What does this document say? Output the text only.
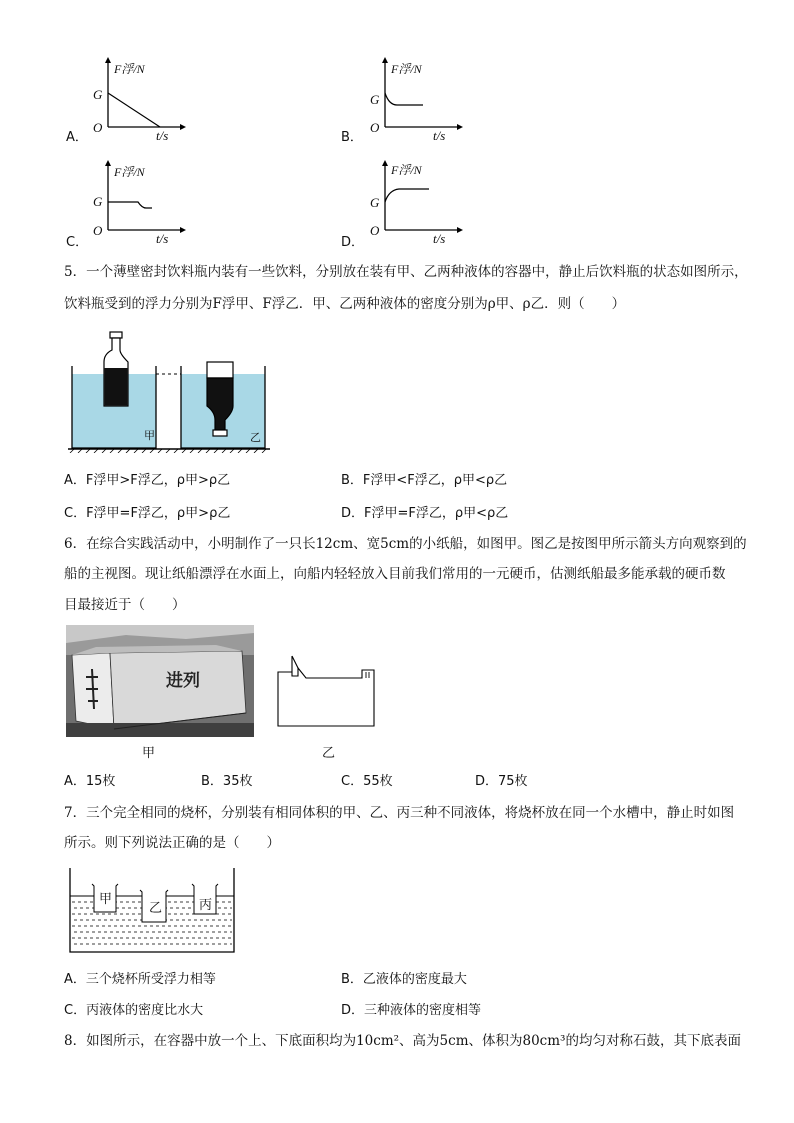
F浮/N
G
O
t/s
A．
F浮/N
G
O
t/s
B．
F浮/N
G
O
t/s
C．
F浮/N
G
O
t/s
D．
5．一个薄壁密封饮料瓶内装有一些饮料，分别放在装有甲、乙两种液体的容器中，静止后饮料瓶的状态如图所示，
饮料瓶受到的浮力分别为F浮甲、F浮乙．甲、乙两种液体的密度分别为ρ甲、ρ乙．则（　　）
甲	乙
A．F浮甲>F浮乙，ρ甲>ρ乙	B．F浮甲<F浮乙，ρ甲<ρ乙
C．F浮甲=F浮乙，ρ甲>ρ乙	D．F浮甲=F浮乙，ρ甲<ρ乙
6．在综合实践活动中，小明制作了一只长12cm、宽5cm的小纸船，如图甲。图乙是按图甲所示箭头方向观察到的
船的主视图。现让纸船漂浮在水面上，向船内轻轻放入目前我们常用的一元硬币，估测纸船最多能承载的硬币数
目最接近于（　　）
进列
甲	乙
A．15枚	B．35枚	C．55枚	D．75枚
7．三个完全相同的烧杯，分别装有相同体积的甲、乙、丙三种不同液体，将烧杯放在同一个水槽中，静止时如图
所示。则下列说法正确的是（　　）
甲
乙	丙
A．三个烧杯所受浮力相等	B．乙液体的密度最大
C．丙液体的密度比水大	D．三种液体的密度相等
8．如图所示，在容器中放一个上、下底面积均为10cm²、高为5cm、体积为80cm³的均匀对称石鼓，其下底表面
